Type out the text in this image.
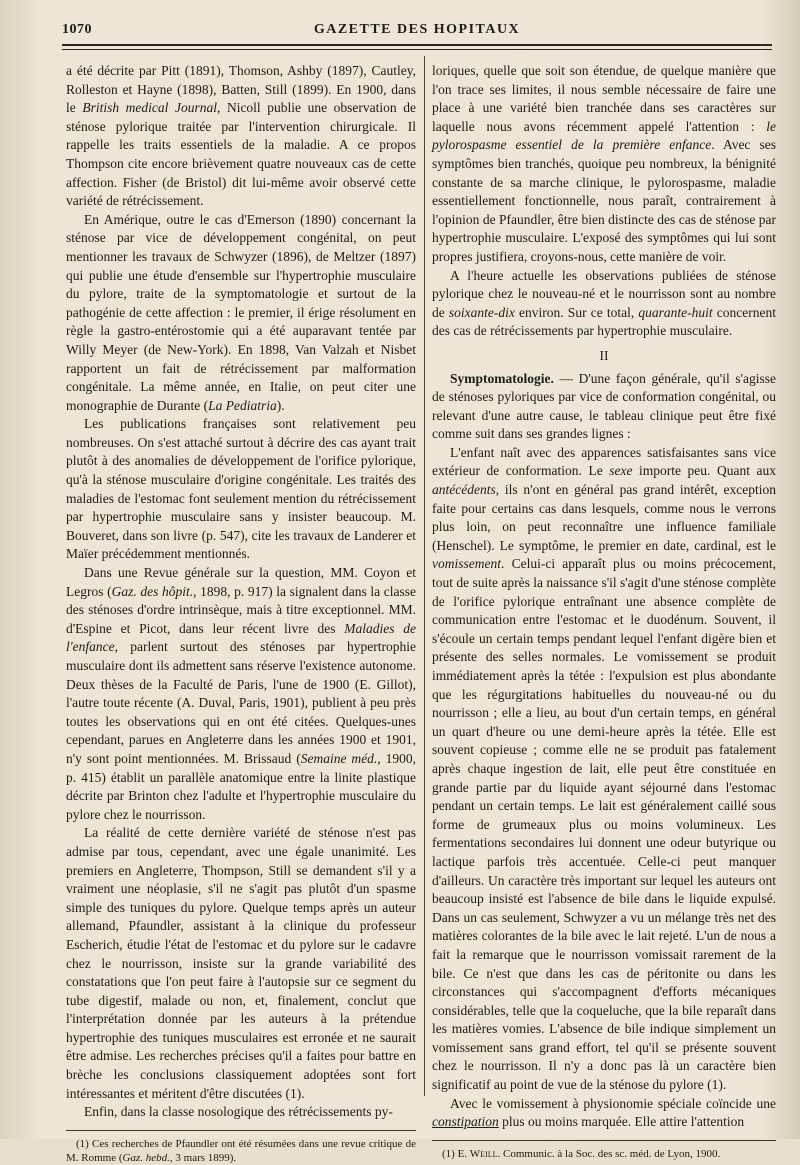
1070	GAZETTE DES HOPITAUX

a été décrite par Pitt (1891), Thomson, Ashby (1897), Cautley, Rolleston et Hayne (1898), Batten, Still (1899). En 1900, dans le British medical Journal, Nicoll publie une observation de sténose pylorique traitée par l'intervention chirurgicale. Il rappelle les traits essentiels de la maladie. A ce propos Thompson cite encore brièvement quatre nouveaux cas de cette affection. Fisher (de Bristol) dit lui-même avoir observé cette variété de rétrécissement.

En Amérique, outre le cas d'Emerson (1890) concernant la sténose par vice de développement congénital, on peut mentionner les travaux de Schwyzer (1896), de Meltzer (1897) qui publie une étude d'ensemble sur l'hypertrophie musculaire du pylore, traite de la symptomatologie et surtout de la pathogénie de cette affection : le premier, il érige résolument en règle la gastro-entérostomie qui a été auparavant tentée par Willy Meyer (de New-York). En 1898, Van Valzah et Nisbet rapportent un fait de rétrécissement par malformation congénitale. La même année, en Italie, on peut citer une monographie de Durante (La Pediatria).

Les publications françaises sont relativement peu nombreuses. On s'est attaché surtout à décrire des cas ayant trait plutôt à des anomalies de développement de l'orifice pylorique, qu'à la sténose musculaire d'origine congénitale. Les traités des maladies de l'estomac font seulement mention du rétrécissement par hypertrophie musculaire sans y insister beaucoup. M. Bouveret, dans son livre (p. 547), cite les travaux de Landerer et Maïer précédemment mentionnés.

Dans une Revue générale sur la question, MM. Coyon et Legros (Gaz. des hôpit., 1898, p. 917) la signalent dans la classe des sténoses d'ordre intrinsèque, mais à titre exceptionnel. MM. d'Espine et Picot, dans leur récent livre des Maladies de l'enfance, parlent surtout des sténoses par hypertrophie musculaire dont ils admettent sans réserve l'existence autonome. Deux thèses de la Faculté de Paris, l'une de 1900 (E. Gillot), l'autre toute récente (A. Duval, Paris, 1901), publient à peu près toutes les observations qui en ont été citées. Quelques-unes cependant, parues en Angleterre dans les années 1900 et 1901, n'y sont point mentionnées. M. Brissaud (Semaine méd., 1900, p. 415) établit un parallèle anatomique entre la linite plastique décrite par Brinton chez l'adulte et l'hypertrophie musculaire du pylore chez le nourrisson.

La réalité de cette dernière variété de sténose n'est pas admise par tous, cependant, avec une égale unanimité. Les premiers en Angleterre, Thompson, Still se demandent s'il y a vraiment une néoplasie, s'il ne s'agit pas plutôt d'un spasme simple des tuniques du pylore. Quelque temps après un auteur allemand, Pfaundler, assistant à la clinique du professeur Escherich, étudie l'état de l'estomac et du pylore sur le cadavre chez le nourrisson, insiste sur la grande variabilité des constatations que l'on peut faire à l'autopsie sur ce segment du tube digestif, malade ou non, et, finalement, conclut que l'interprétation donnée par les auteurs à la prétendue hypertrophie des tuniques musculaires est erronée et ne saurait être admise. Les recherches précises qu'il a faites pour battre en brèche les conclusions classiquement adoptées sont fort intéressantes et méritent d'être discutées (1).

Enfin, dans la classe nosologique des rétrécissements py-

(1) Ces recherches de Pfaundler ont été résumées dans une revue critique de M. Romme (Gaz. hebd., 3 mars 1899).

loriques, quelle que soit son étendue, de quelque manière que l'on trace ses limites, il nous semble nécessaire de faire une place à une variété bien tranchée dans ses caractères sur laquelle nous avons récemment appelé l'attention : le pylorospasme essentiel de la première enfance. Avec ses symptômes bien tranchés, quoique peu nombreux, la bénignité constante de sa marche clinique, le pylorospasme, maladie essentiellement fonctionnelle, nous paraît, contrairement à l'opinion de Pfaundler, être bien distincte des cas de sténose par hypertrophie musculaire. L'exposé des symptômes qui lui sont propres justifiera, croyons-nous, cette manière de voir.

A l'heure actuelle les observations publiées de sténose pylorique chez le nouveau-né et le nourrisson sont au nombre de soixante-dix environ. Sur ce total, quarante-huit concernent des cas de rétrécissements par hypertrophie musculaire.

II

Symptomatologie. — D'une façon générale, qu'il s'agisse de sténoses pyloriques par vice de conformation congénital, ou relevant d'une autre cause, le tableau clinique peut être fixé comme suit dans ses grandes lignes :

L'enfant naît avec des apparences satisfaisantes sans vice extérieur de conformation. Le sexe importe peu. Quant aux antécédents, ils n'ont en général pas grand intérêt, exception faite pour certains cas dans lesquels, comme nous le verrons plus loin, on peut reconnaître une influence familiale (Henschel). Le symptôme, le premier en date, cardinal, est le vomissement. Celui-ci apparaît plus ou moins précocement, tout de suite après la naissance s'il s'agit d'une sténose complète de l'orifice pylorique entraînant une absence complète de communication entre l'estomac et le duodénum. Souvent, il s'écoule un certain temps pendant lequel l'enfant digère bien et présente des selles normales. Le vomissement se produit immédiatement après la tétée : l'expulsion est plus abondante que les régurgitations habituelles du nouveau-né ou du nourrisson ; elle a lieu, au bout d'un certain temps, en général un quart d'heure ou une demi-heure après la tétée. Elle est souvent copieuse ; comme elle ne se produit pas fatalement après chaque ingestion de lait, elle peut être constituée en grande partie par du liquide ayant séjourné dans l'estomac pendant un certain temps. Le lait est généralement caillé sous forme de grumeaux plus ou moins volumineux. Les fermentations secondaires lui donnent une odeur butyrique ou lactique parfois très accentuée. Celle-ci peut manquer d'ailleurs. Un caractère très important sur lequel les auteurs ont beaucoup insisté est l'absence de bile dans le liquide expulsé. Dans un cas seulement, Schwyzer a vu un mélange très net des matières colorantes de la bile avec le lait rejeté. L'un de nous a fait la remarque que le nourrisson vomissait rarement de la bile. Ce n'est que dans les cas de péritonite ou dans les circonstances qui s'accompagnent d'efforts mécaniques considérables, telle que la coqueluche, que la bile reparaît dans les matières vomies. L'absence de bile indique simplement un vomissement sans grand effort, tel qu'il se présente souvent chez le nourrisson. Il n'y a donc pas là un caractère bien significatif au point de vue de la sténose du pylore (1).

Avec le vomissement à physionomie spéciale coïncide une constipation plus ou moins marquée. Elle attire l'attention

(1) E. Weill. Communic. à la Soc. des sc. méd. de Lyon, 1900.
